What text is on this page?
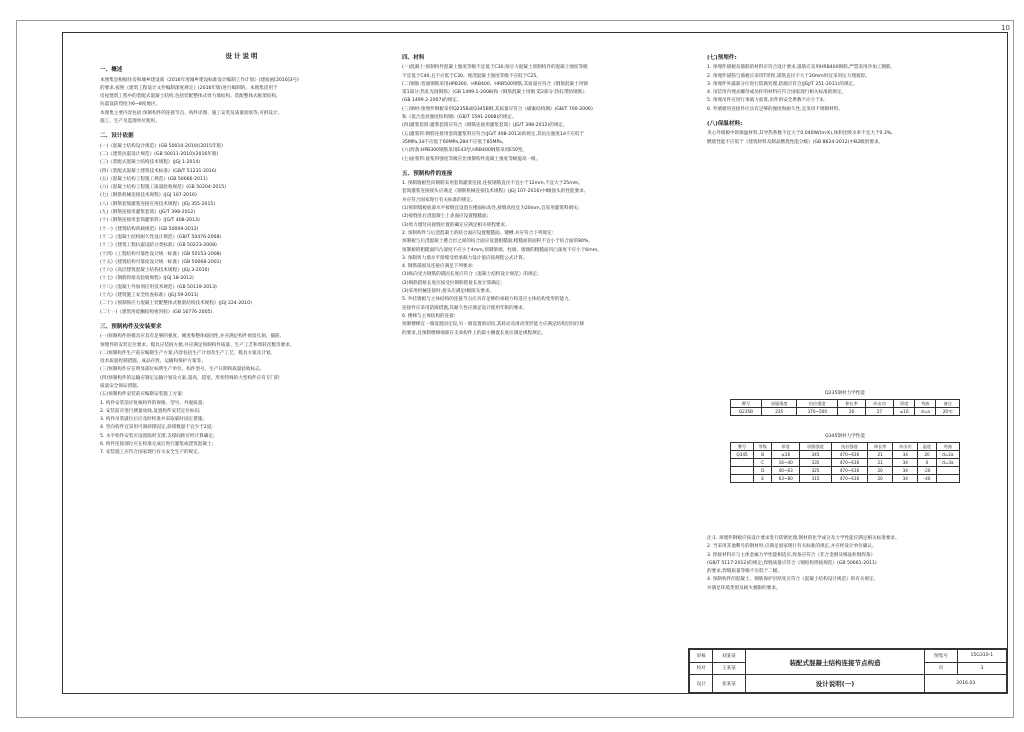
10
设计说明
一、概述
本图集是根据住房和城乡建设部《2016年度城乡建设标准设计编制工作计划》(建质函[2016]3号)
的要求,按照《建筑工程设计文件编制深度规定》(2016年版)进行编制的。本图集适用于
房屋建筑工程中的装配式混凝土结构,包括装配整体式剪力墙结构、装配整体式框架结构,
抗震设防烈度为6~8度地区。
本图集主要内容包括:预制构件的连接节点、构件详图、施工安装及质量验收等,可供设计、
施工、生产及监理单位使用。
二、设计依据
(一)《混凝土结构设计规范》(GB 50010-2010)(2015年版)
(二)《建筑抗震设计规范》(GB 50011-2010)(2016年版)
(三)《装配式混凝土结构技术规程》(JGJ 1-2014)
(四)《装配式混凝土建筑技术标准》(GB/T 51231-2016)
(五)《混凝土结构工程施工规范》(GB 50666-2011)
(六)《混凝土结构工程施工质量验收规范》(GB 50204-2015)
(七)《钢筋机械连接技术规程》(JGJ 107-2016)
(八)《钢筋套筒灌浆连接应用技术规程》(JGJ 355-2015)
(九)《钢筋连接用灌浆套筒》(JG/T 398-2012)
(十)《钢筋连接用套筒灌浆料》(JG/T 408-2013)
(十一)《建筑结构荷载规范》(GB 50009-2012)
(十二)《混凝土结构耐久性设计规范》(GB/T 50476-2008)
(十三)《建筑工程抗震设防分类标准》(GB 50223-2008)
(十四)《工程结构可靠性设计统一标准》(GB 50153-2008)
(十五)《建筑结构可靠度设计统一标准》(GB 50068-2001)
(十六)《高层建筑混凝土结构技术规程》(JGJ 3-2010)
(十七)《钢筋焊接及验收规程》(JGJ 18-2012)
(十八)《混凝土外加剂应用技术规范》(GB 50119-2013)
(十九)《建筑施工安全检查标准》(JGJ 59-2011)
(二十)《预制预应力混凝土装配整体式框架结构技术规程》(JGJ 224-2010)
(二十一)《建筑用硅酮结构密封胶》(GB 16776-2005)
三、预制构件及安装要求
(一)预制构件的模具应具有足够的强度、刚度和整体稳固性,并应满足构件预留孔洞、插筋、
预埋件的安装定位要求。模具应装拆方便,并应满足预制构件质量、生产工艺和周转次数等要求。
(二)预制构件生产前应编制生产方案,内容包括生产计划及生产工艺、模具方案及计划、
技术质量控制措施、成品存放、运输和保护方案等。
(三)预制构件应在明显部位标明生产单位、构件型号、生产日期和质量验收标志。
(四)预制构件的运输应制定运输计划及方案,超高、超宽、形状特殊的大型构件应有专门的
质量安全保证措施。
(五)预制构件安装前应编制安装施工方案:
1. 构件安装前应复核构件的规格、型号、外观质量;
2. 安装前应进行测量放线,设置构件安装定位标识;
3. 构件吊装就位后应及时校准并采取临时固定措施;
4. 竖向构件宜采用可调斜撑固定,斜撑数量不宜少于2道;
5. 水平构件安装应设置临时支撑,支撑间距应经计算确定;
6. 构件连接部位应在校准完成后进行灌浆或浇筑混凝土;
7. 安装施工应符合国家现行有关安全生产的规定。
四、材料
(一)混凝土:预制构件混凝土强度等级不宜低于C30;预应力混凝土预制构件的混凝土强度等级
不宜低于C40,且不应低于C30。现浇混凝土强度等级不应低于C25。
(二)钢筋:普通钢筋采用HPB300、HRB400、HRB500钢筋,其质量应符合《钢筋混凝土用钢
第1部分:热轧光圆钢筋》(GB 1499.1-2008)和《钢筋混凝土用钢 第2部分:热轧带肋钢筋》
(GB 1499.2-2007)的规定。
(三)钢材:预埋件钢板采用Q235B或Q345B钢,其质量应符合《碳素结构钢》(GB/T 700-2006)
和《低合金高强度结构钢》(GB/T 1591-2008)的规定。
(四)灌浆套筒:灌浆套筒应符合《钢筋连接用灌浆套筒》(JG/T 398-2012)的规定。
(五)灌浆料:钢筋连接用套筒灌浆料应符合(JG/T 408-2013)的规定,其抗压强度1d不应低于
35MPa,3d不应低于60MPa,28d不应低于85MPa。
(六)焊条:HPB300钢筋采用E43型,HRB400钢筋采用E50型。
(七)座浆料:座浆料强度等级应比预制构件混凝土强度等级提高一级。
五、预制构件的连接
1. 预制墙板竖向钢筋采用套筒灌浆连接,连接钢筋直径不宜小于12mm,不宜大于25mm。
套筒灌浆连接接头应满足《钢筋机械连接技术规程》(JGJ 107-2016)中I级接头的性能要求,
并应符合国家现行有关标准的规定。
(1)预制墙板底部水平接缝宜设置在楼面标高处,接缝高度宜为20mm,宜采用灌浆料填实;
(2)接缝处后浇混凝土上表面应设置粗糙面;
(3)剪力墙竖向接缝位置的确定应满足相关规程要求。
2. 预制构件与后浇混凝土的结合面应设置粗糙面、键槽,并应符合下列规定:
预制板与后浇混凝土叠合层之间的结合面应设置粗糙面;粗糙面的面积不宜小于结合面的80%,
预制板的粗糙面凹凸深度不应小于4mm,预制梁端、柱端、墙端的粗糙面凹凸深度不应小于6mm。
3. 预制剪力墙水平接缝受剪承载力设计值应按规程公式计算。
4. 钢筋锚固及连接应满足下列要求:
(1)纵向受力钢筋的锚固长度应符合《混凝土结构设计规范》的规定;
(2)钢筋搭接长度应按受拉钢筋搭接长度计算确定;
(3)采用机械连接时,接头应满足I级接头要求。
5. 外挂墙板与主体结构的连接节点应具有足够的承载力和适应主体结构变形的能力。
连接件应采用防腐措施,其耐久性应满足设计使用年限的要求。
6. 楼梯与主体结构的连接:
预制楼梯宜一端设置固定铰,另一端设置滑动铰,其转动及滑动变形能力应满足结构层间位移
的要求,且预制楼梯端部在支承构件上的最小搁置长度应满足规程规定。
(七)预埋件:
1. 预埋件锚板及锚筋的材料应符合设计要求,锚筋应采用HRB400钢筋,严禁采用冷加工钢筋。
2. 预埋件锚筋与锚板应采用T形焊,锚筋直径不大于20mm时宜采用压力埋弧焊。
3. 预埋件外露部分应进行防腐处理,防腐应符合(JGJ/T 251-2011)的规定。
4. 吊装用内埋式螺母或吊杆的材料应符合国家现行相关标准的规定。
5. 预埋吊件应进行承载力验算,吊件的安全系数不应小于4。
6. 外墙板用连接件应具有足够的强度和耐久性,宜采用不锈钢材料。
(八)保温材料:
夹心外墙板中的保温材料,其导热系数不宜大于0.040W/(m·K),体积比吸水率不宜大于0.3%,
燃烧性能不应低于《建筑材料及制品燃烧性能分级》(GB 8624-2012)中B2级的要求。
Q235钢材力学性能
牌号	屈服强度	抗拉强度	伸长率	冲击功	厚度	弯曲	备注
Q235B	235	370~500	26	27	≤16	d=a	20℃
Q345钢材力学性能
牌号	等级	厚度	屈服强度	抗拉强度	伸长率	冲击功	温度	弯曲
Q345	B	≤16	345	470~630	21	34	20	d=2a
	C	16~40	335	470~630	21	34	0	d=3a
	D	40~63	325	470~630	20	34	-20	
	E	63~80	315	470~630	20	34	-40	
注:1. 预埋件钢板应按设计要求进行防锈处理,钢材的化学成分及力学性能应满足相关标准要求。
2. 当采用其他牌号的钢材时,应满足国家现行有关标准的规定,并应经设计单位确认。
3. 焊接材料应与主体金属力学性能相适应,焊条应符合《非合金钢及细晶粒钢焊条》
(GB/T 5117-2012)的规定;焊缝质量应符合《钢结构焊接规范》(GB 50661-2011)
的要求,焊缝质量等级不应低于二级。
4. 预制构件的混凝土、钢筋保护层厚度应符合《混凝土结构设计规范》的有关规定,
并满足环境类别及耐火极限的要求。
审核	刘某某	装配式混凝土结构连接节点构造	图集号	15G310-1
校对	王某某		页	3
设计	张某某	设计说明(一)	2016.03	
